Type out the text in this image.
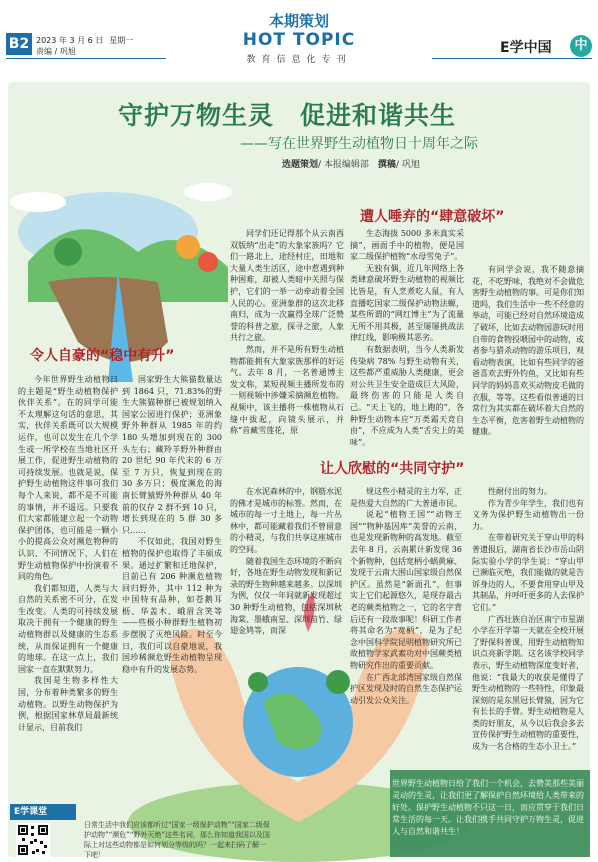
B2 2023 年 3 月 6 日 星期一
责编 / 巩旭
本期策划
HOT TOPIC
教育信息化专刊
E学中国	中
守护万物生灵　促进和谐共生
——写在世界野生动植物日十周年之际
选题策划/ 本报编辑部　撰稿/ 巩旭
令人自豪的“稳中有升”
遭人唾弃的“肆意破坏”
让人欣慰的“共同守护”

今年世界野生动植物日的主题是“野生动植物保护伙伴关系”。在的同学可能不太理解这句话的意思，其实，伙伴关系既可以大规模运作，也可以发生在几个学生或一所学校在当地社区开展工作，促进野生动植物的可持续发展。也就是说，保护野生动植物这件事可我们每个人来说，都不是不可能的事情，并不遥远。只要我们大家都能建立起一个动物保护团体，也可能是一颗小小的提高公众对濒危物种的认识、不同情况下，人们在野生动植物保护中扮演着不同的角色。

我们都知道，人类与大自然的关系密不可分，在发生改变。人类的可持续发展取决于拥有一个健康的野生动植物群以及健康的生态系统，从而保证拥有一个健康的地球。在这一点上，我们国家一直在默默努力。

我国是生物多样性大国，分布着种类繁多的野生动植物。以野生动物保护为例，根据国家林草局最新统计显示，目前我们

国家野生大熊猫数量达到 1864 只，71.83%的野生大熊猫种群已被规划纳入国家公园进行保护；亚洲象野外种群从 1985 年的约 180 头增加到现在的 300 头左右；藏羚羊野外种群由 20 世纪 90 年代末的 6 万至 7 万只，恢复到现在的 30 多万只；极度濒危的海南长臂猿野外种群从 40 年前的仅存 2 群不到 10 只，增长到现在的 5 群 30 多只……

不仅如此，我国对野生植物的保护也取得了丰硕成果。通过扩繁和迁地保护，目前已有 206 种濒危植物回归野外，其中 112 种为中国特有品种，如苍鹅耳枥、华盖木、峨眉含笑等——些极小种群野生植物初步摆脱了灭绝风险。时至今日，我们可以自豪地说，我国珍稀濒危野生动植物呈现稳中有升的发展态势。

同学们还记得那个从云南西双版纳“出走”的大象家族吗？它们一路北上，途经村庄，田地和大量人类生活区，途中惹遇到种种困难，却被人类暗中关照与保护，它们的一举一动牵动着全国人民的心。亚洲象群的这次北移南归，成为一次赢得全球广泛赞誉的科普之旅，探寻之旅，人象共行之旅。

然而，并不是所有野生动植物都能拥有大象家族那样的好运气。去年 8 月，一名普通博主发文称，某短视频主播所发布的一则视频中涉嫌采摘濒危植物。视频中，该主播将一株植物从石缝中拔起，向镜头展示，并称“首藏雪莲花，原

生态海拔 5000 多米真实采摘”，画面手中的植物，便是国家二级保护植物“水母雪兔子”。

无独有偶，近几年网络上各类肆意破坏野生动植物的视频比比皆是，有人烹煮吃人鼠，有人直播吃国家二级保护动物法螈，某些所谓的“网红博主”为了流量无所不用其极，甚至屡屡挑战法律红线，影响极其恶劣。

有数据表明，当今人类新发传染病 78% 与野生动物有关，这些都严重威胁人类健康，更会对公共卫生安全造成巨大风险，最终伤害的只能是人类自己。“天上飞的，地上跑的”，各种野生动物本应“万类霜天竞自由”，不应成为人类“舌尖上的美味”。

有同学会说，我不随意摘花，不吃野味，我绝对不会做危害野生动植物的事。可是你们知道吗，我们生活中一些不经意的举动，可能已经对自然环境造成了破坏，比如去动物园游玩时用自带的食物投喂园中的动物，或者参与猎杀动物的游乐项目，观看动物表演，比如有些同学的爸爸喜欢去野外钓鱼，又比如有些同学的妈妈喜欢买动物皮毛做的衣服，等等。这些看似普通的日常行为其实都在破坏着大自然的生态平衡，危害着野生动植物的健康。

在水泥森林的中，钢筋水泥的佛才是城市的标签。然而，在城市的每一寸土地上，每一片丛林中，都可能藏着我们不曾留意的小精灵，与我们共享这座城市的空间。

随着我国生态环境的不断向好，各地在野生动物发现和新记录的野生物种越来越多。以深圳为例，仅仅一年间就新发现超过 30 种野生动植物，包括深圳秋海棠、墨蛾南星、深圳苗竹、绿翅金鸠等，而深

规这些小精灵的主力军，正是热爱大自然的广大普通市民。

说起“植物王国”“动物王国”“物种基因库”美誉的云南，也是发现新物种的高发地。截至去年 8 月，云南累计新发现 36 个新物种，包括宽柄小蜗黄麻、发现于云南大围山国家级自然保护区。虽然是“新面孔”，但事实上它们起源悠久，是现存最古老的蕨类植物之一，它的名字背后还有一段故事呢！科研工作者将其命名为“宽柄”，是为了纪念中国科学院昆明植物研究所已故植物学家武素功对中国蕨类植物研究作出的重要贡献。

在广西北部湾国家级自然保护区发现及时的自然生态保护运动引发公众关注。

性耐付出的努力。

作为青少年学生，我们也有义务为保护野生动植物出一份力。

在带着研究关于穿山甲的科普遗报后，湖南省长沙市岳山阴际实验小学的学生说：“穿山甲已濒临灭绝，我们能做的就是告诉身边的人，不要食用穿山甲及其制品，并呼吁更多的人去保护它们。”

广西壮族自治区南宁市星湖小学在开学第一天就在全校开展了野保科普课，用野生动植物知识点亮新学期。这名该学校同学表示，野生动植物深度变好者，他说：“我最大的收获是懂得了野生动植物的一些特性，印象最深刻的是东黑冠长臂猿，因为它有长长的手臂。野生动植物是人类的好朋友，从今以后我会多去宣传保护野生动植物的重要性，成为一名合格的生态小卫士。”

世界野生动植物日给了我们一个机会，去赞美那些美丽灵动的生灵，让我们更了解保护自然环境给人类带来的好处。保护野生动植物不只这一日，而应贯穿于我们日常生活的每一天。让我们携手共同守护万物生灵，促进人与自然和谐共生！

E学课堂
日常生活中我们应该都听过“国家一级保护动物”“国家二级保护动物”“濒危”“野外灭绝”这些名词，那么你知道我国以及国际上对这些动物都是如何划分等级的吗？一起来扫码了解一下吧！
